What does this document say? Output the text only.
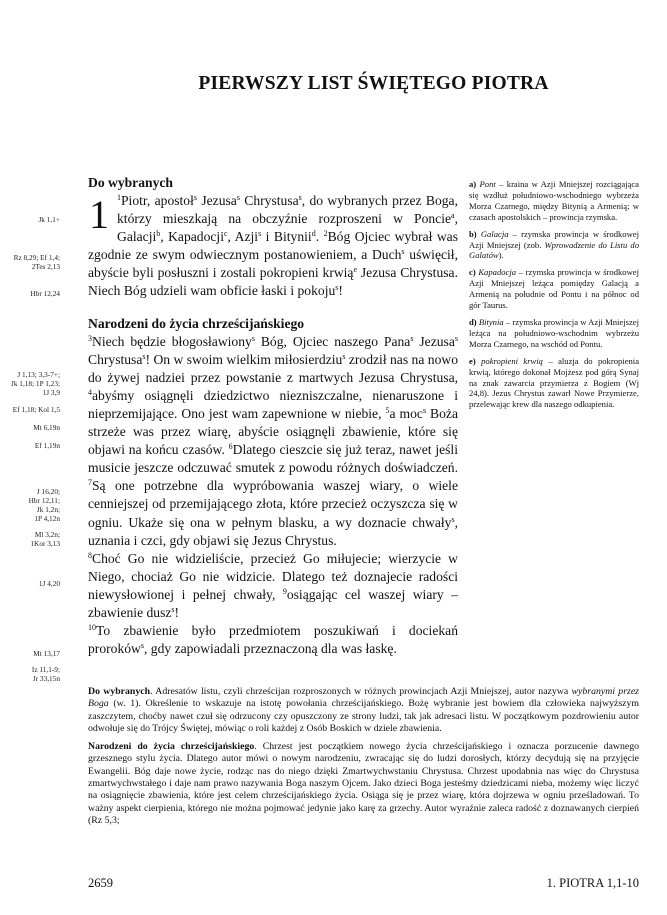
PIERWSZY LIST ŚWIĘTEGO PIOTRA
Do wybranych

1 $^1$Piotr, apostoł$^s$ Jezusa$^s$ Chrystusa$^s$, do wybranych przez Boga, którzy mieszkają na obczyźnie rozproszeni w Poncie$^a$, Galacji$^b$, Kapadocji$^c$, Azji$^s$ i Bitynii$^d$. $^2$Bóg Ojciec wybrał was zgodnie ze swym odwiecznym postanowieniem, a Duch$^s$ uświęcił, abyście byli posłuszni i zostali pokropieni krwią$^e$ Jezusa Chrystusa. Niech Bóg udzieli wam obficie łaski i pokoju$^s$!

Narodzeni do życia chrześcijańskiego

$^3$Niech będzie błogosławiony$^s$ Bóg, Ojciec naszego Pana$^s$ Jezusa$^s$ Chrystusa$^s$! On w swoim wielkim miłosierdziu$^s$ zrodził nas na nowo do żywej nadziei przez powstanie z martwych Jezusa Chrystusa, $^4$abyśmy osiągnęli dziedzictwo niezniszczalne, nienaruszone i nieprzemijające. Ono jest wam zapewnione w niebie, $^5$a moc$^s$ Boża strzeże was przez wiarę, abyście osiągnęli zbawienie, które się objawi na końcu czasów. $^6$Dlatego cieszcie się już teraz, nawet jeśli musicie jeszcze odczuwać smutek z powodu różnych doświadczeń. $^7$Są one potrzebne dla wypróbowania waszej wiary, o wiele cenniejszej od przemijającego złota, które przecież oczyszcza się w ogniu. Ukaże się ona w pełnym blasku, a wy doznacie chwały$^s$, uznania i czci, gdy objawi się Jezus Chrystus.

$^8$Choć Go nie widzieliście, przecież Go miłujecie; wierzycie w Niego, chociaż Go nie widzicie. Dlatego też doznajecie radości niewysłowionej i pełnej chwały, $^9$osiągając cel waszej wiary – zbawienie dusz$^s$!

$^{10}$To zbawienie było przedmiotem poszukiwań i dociekań proroków$^s$, gdy zapowiadali przeznaczoną dla was łaskę.

Jk 1,1+
Rz 8,29; Ef 1,4;
2Tes 2,13
Hbr 12,24
J 1,13; 3,3-7+;
Jk 1,18; 1P 1,23;
1J 3,9
Ef 1,18; Kol 1,5
Mt 6,19n
Ef 1,19n
J 16,20;
Hbr 12,11;
Jk 1,2n;
1P 4,12n
Ml 3,2n;
1Kor 3,13
1J 4,20
Mt 13,17
Iz 11,1-9;
Jr 33,15n
a) Pont – kraina w Azji Mniejszej rozciągająca się wzdłuż południowo-wschodniego wybrzeża Morza Czarnego, między Bitynią a Armenią; w czasach apostolskich – prowincja rzymska.
b) Galacja – rzymska prowincja w środkowej Azji Mniejszej (zob. Wprowadzenie do Listu do Galatów).
c) Kapadocja – rzymska prowincja w środkowej Azji Mniejszej leżąca pomiędzy Galacją a Armenią na południe od Pontu i na północ od gór Taurus.
d) Bitynia – rzymska prowincja w Azji Mniejszej leżąca na południowo-wschodnim wybrzeżu Morza Czarnego, na wschód od Pontu.
e) pokropieni krwią – aluzja do pokropienia krwią, którego dokonał Mojżesz pod górą Synaj na znak zawarcia przymierza z Bogiem (Wj 24,8). Jezus Chrystus zawarł Nowe Przymierze, przelewając krew dla naszego odkupienia.

Do wybranych. Adresatów listu, czyli chrześcijan rozproszonych w różnych prowincjach Azji Mniejszej, autor nazywa wybranymi przez Boga (w. 1). Określenie to wskazuje na istotę powołania chrześcijańskiego. Bożę wybranie jest bowiem dla człowieka najwyższym zaszczytem, choćby nawet czuł się odrzucony czy opuszczony ze strony ludzi, tak jak adresaci listu. W początkowym pozdrowieniu autor odwołuje się do Trójcy Świętej, mówiąc o roli każdej z Osób Boskich w dziele zbawienia.

Narodzeni do życia chrześcijańskiego. Chrzest jest początkiem nowego życia chrześcijańskiego i oznacza porzucenie dawnego grzesznego stylu życia. Dlatego autor mówi o nowym narodzeniu, zwracając się do ludzi dorosłych, którzy decydują się na przyjęcie Ewangelii. Bóg daje nowe życie, rodząc nas do niego dzięki Zmartwychwstaniu Chrystusa. Chrzest upodabnia nas więc do Chrystusa zmartwychwstałego i daje nam prawo nazywania Boga naszym Ojcem. Jako dzieci Boga jesteśmy dziedzicami nieba, możemy więc liczyć na osiągnięcie zbawienia, które jest celem chrześcijańskiego życia. Osiąga się je przez wiarę, która dojrzewa w ogniu prześladowań. To ważny aspekt cierpienia, którego nie można pojmować jedynie jako karę za grzechy. Autor wyraźnie zaleca radość z doznawanych cierpień (Rz 5,3;

2659	1. PIOTRA 1,1-10
